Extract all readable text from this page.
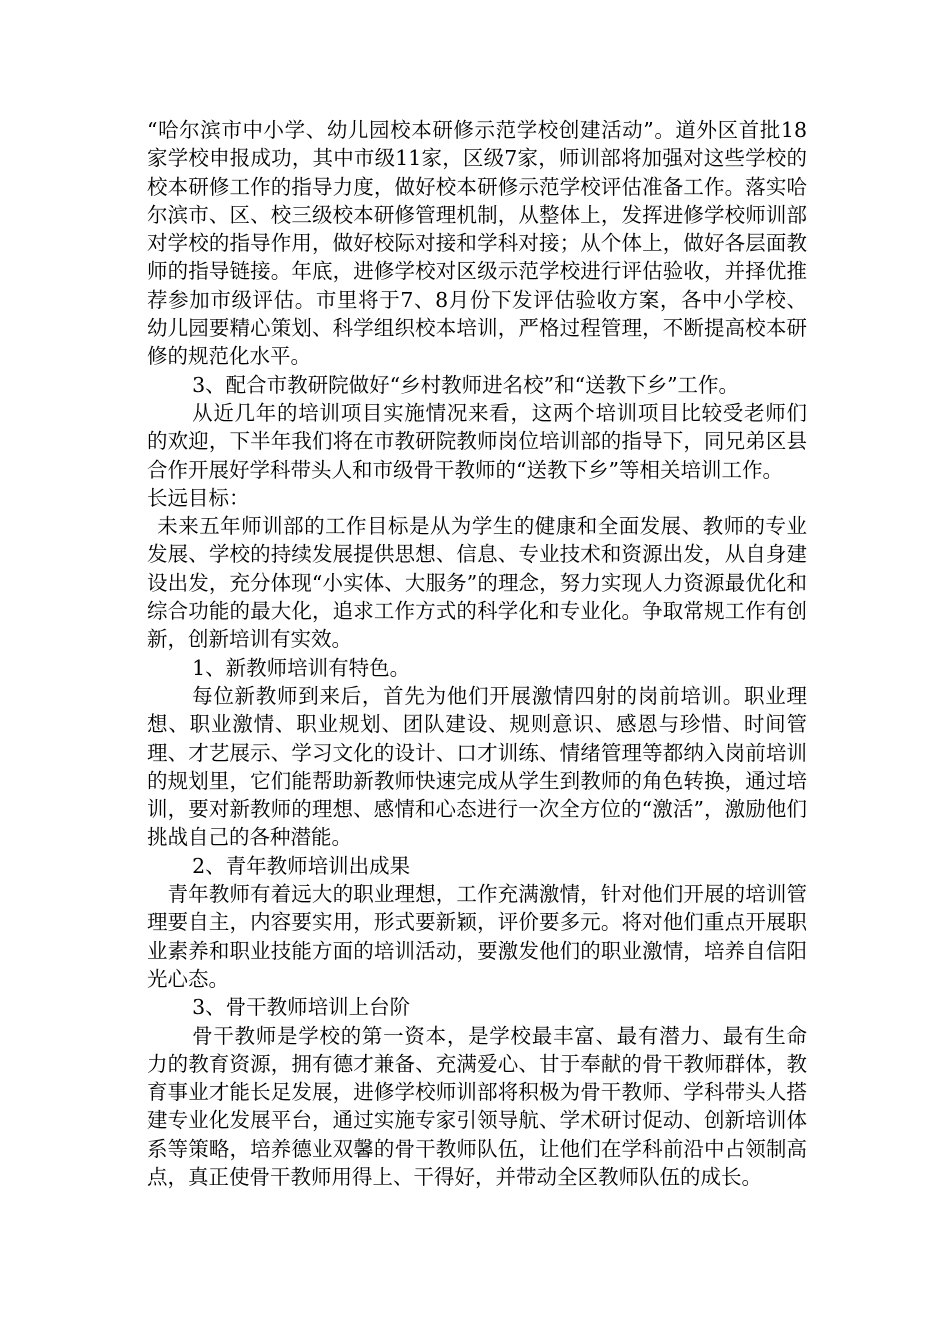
“哈尔滨市中小学、幼儿园校本研修示范学校创建活动”。道外区首批18家学校申报成功，其中市级11家，区级7家，师训部将加强对这些学校的校本研修工作的指导力度，做好校本研修示范学校评估准备工作。落实哈尔滨市、区、校三级校本研修管理机制，从整体上，发挥进修学校师训部对学校的指导作用，做好校际对接和学科对接；从个体上，做好各层面教师的指导链接。年底，进修学校对区级示范学校进行评估验收，并择优推荐参加市级评估。市里将于7、8月份下发评估验收方案，各中小学校、幼儿园要精心策划、科学组织校本培训，严格过程管理，不断提高校本研修的规范化水平。

3、配合市教研院做好“乡村教师进名校”和“送教下乡”工作。

从近几年的培训项目实施情况来看，这两个培训项目比较受老师们的欢迎，下半年我们将在市教研院教师岗位培训部的指导下，同兄弟区县合作开展好学科带头人和市级骨干教师的“送教下乡”等相关培训工作。

长远目标：

未来五年师训部的工作目标是从为学生的健康和全面发展、教师的专业发展、学校的持续发展提供思想、信息、专业技术和资源出发，从自身建设出发，充分体现“小实体、大服务”的理念，努力实现人力资源最优化和综合功能的最大化，追求工作方式的科学化和专业化。争取常规工作有创新，创新培训有实效。

1、新教师培训有特色。

每位新教师到来后，首先为他们开展激情四射的岗前培训。职业理想、职业激情、职业规划、团队建设、规则意识、感恩与珍惜、时间管理、才艺展示、学习文化的设计、口才训练、情绪管理等都纳入岗前培训的规划里，它们能帮助新教师快速完成从学生到教师的角色转换，通过培训，要对新教师的理想、感情和心态进行一次全方位的“激活”，激励他们挑战自己的各种潜能。

2、青年教师培训出成果

青年教师有着远大的职业理想，工作充满激情，针对他们开展的培训管理要自主，内容要实用，形式要新颖，评价要多元。将对他们重点开展职业素养和职业技能方面的培训活动，要激发他们的职业激情，培养自信阳光心态。

3、骨干教师培训上台阶

骨干教师是学校的第一资本，是学校最丰富、最有潜力、最有生命力的教育资源，拥有德才兼备、充满爱心、甘于奉献的骨干教师群体，教育事业才能长足发展，进修学校师训部将积极为骨干教师、学科带头人搭建专业化发展平台，通过实施专家引领导航、学术研讨促动、创新培训体系等策略，培养德业双馨的骨干教师队伍，让他们在学科前沿中占领制高点，真正使骨干教师用得上、干得好，并带动全区教师队伍的成长。
